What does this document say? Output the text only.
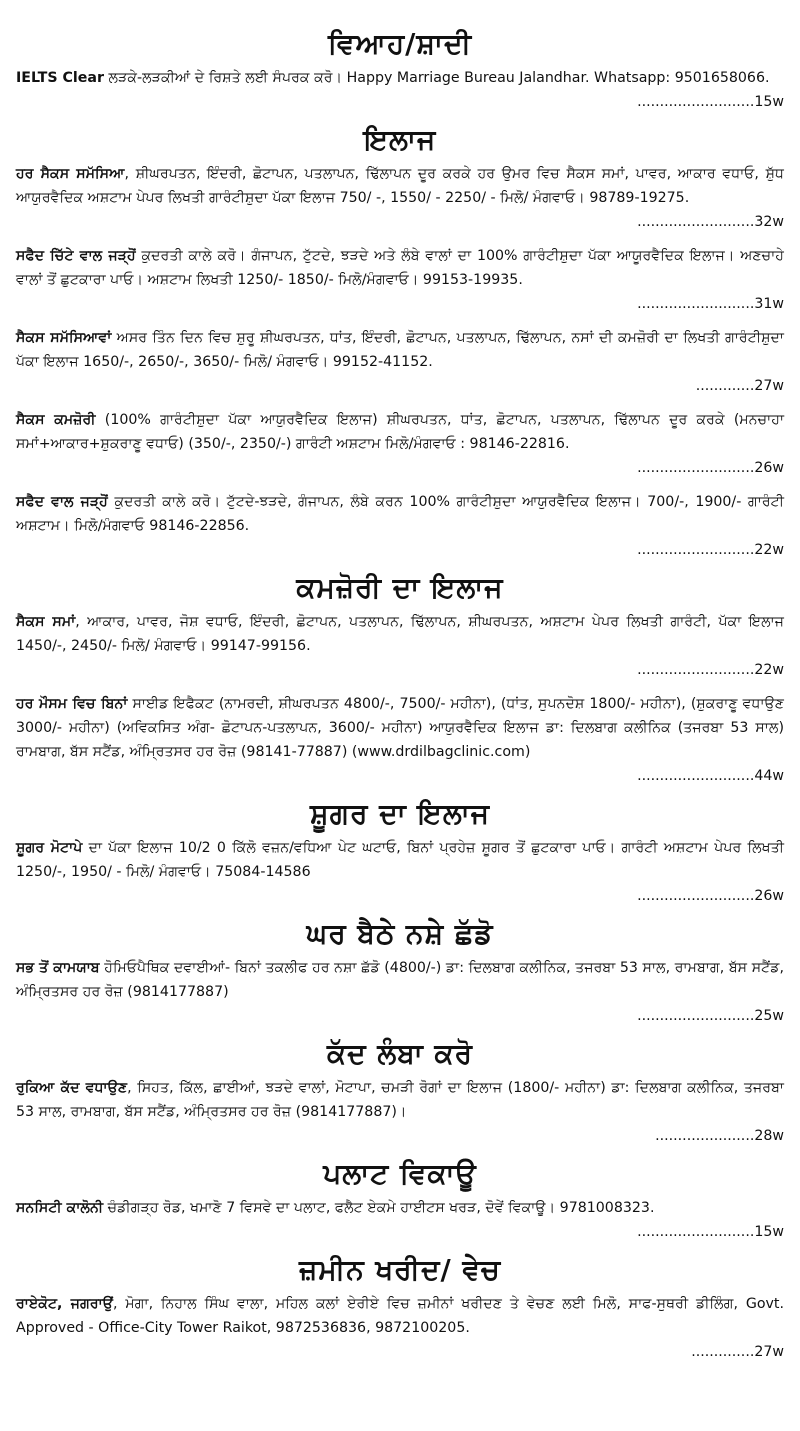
ਵਿਆਹ/ਸ਼ਾਦੀ
IELTS Clear ਲੜਕੇ-ਲੜਕੀਆਂ ਦੇ ਰਿਸ਼ਤੇ ਲਈ ਸੰਪਰਕ ਕਰੋ। Happy Marriage Bureau Jalandhar. Whatsapp: 9501658066.
..........................15w
ਇਲਾਜ
ਹਰ ਸੈਕਸ ਸਮੱਸਿਆ, ਸ਼ੀਘਰਪਤਨ, ਇੰਦਰੀ, ਛੋਟਾਪਨ, ਪਤਲਾਪਨ, ਢਿੱਲਾਪਨ ਦੂਰ ਕਰਕੇ ਹਰ ਉਮਰ ਵਿਚ ਸੈਕਸ ਸਮਾਂ, ਪਾਵਰ, ਆਕਾਰ ਵਧਾਓ, ਸ਼ੁੱਧ ਆਯੁਰਵੈਦਿਕ ਅਸ਼ਟਾਮ ਪੇਪਰ ਲਿਖਤੀ ਗਾਰੰਟੀਸ਼ੁਦਾ ਪੱਕਾ ਇਲਾਜ 750/ -, 1550/ - 2250/ - ਮਿਲੋ/ ਮੰਗਵਾਓ। 98789-19275.
..........................32w
ਸਫੈਦ ਚਿੱਟੇ ਵਾਲ ਜੜ੍ਹੋਂ ਕੁਦਰਤੀ ਕਾਲੇ ਕਰੋ। ਗੰਜਾਪਨ, ਟੁੱਟਦੇ, ਝੜਦੇ ਅਤੇ ਲੰਬੇ ਵਾਲਾਂ ਦਾ 100% ਗਾਰੰਟੀਸ਼ੁਦਾ ਪੱਕਾ ਆਯੂਰਵੈਦਿਕ ਇਲਾਜ। ਅਣਚਾਹੇ ਵਾਲਾਂ ਤੋਂ ਛੁਟਕਾਰਾ ਪਾਓ। ਅਸ਼ਟਾਮ ਲਿਖਤੀ 1250/- 1850/- ਮਿਲੋ/ਮੰਗਵਾਓ। 99153-19935.
..........................31w
ਸੈਕਸ ਸਮੱਸਿਆਵਾਂ ਅਸਰ ਤਿੰਨ ਦਿਨ ਵਿਚ ਸ਼ੁਰੂ ਸ਼ੀਘਰਪਤਨ, ਧਾਂਤ, ਇੰਦਰੀ, ਛੋਟਾਪਨ, ਪਤਲਾਪਨ, ਢਿੱਲਾਪਨ, ਨਸਾਂ ਦੀ ਕਮਜ਼ੋਰੀ ਦਾ ਲਿਖਤੀ ਗਾਰੰਟੀਸ਼ੁਦਾ ਪੱਕਾ ਇਲਾਜ 1650/-, 2650/-, 3650/- ਮਿਲੋ/ ਮੰਗਵਾਓ। 99152-41152.
.............27w
ਸੈਕਸ ਕਮਜ਼ੋਰੀ (100% ਗਾਰੰਟੀਸ਼ੁਦਾ ਪੱਕਾ ਆਯੁਰਵੈਦਿਕ ਇਲਾਜ) ਸ਼ੀਘਰਪਤਨ, ਧਾਂਤ, ਛੋਟਾਪਨ, ਪਤਲਾਪਨ, ਢਿੱਲਾਪਨ ਦੂਰ ਕਰਕੇ (ਮਨਚਾਹਾ ਸਮਾਂ+ਆਕਾਰ+ਸ਼ੁਕਰਾਣੂ ਵਧਾਓ) (350/-, 2350/-) ਗਾਰੰਟੀ ਅਸ਼ਟਾਮ ਮਿਲੋ/ਮੰਗਵਾਓ : 98146-22816.
..........................26w
ਸਫੈਦ ਵਾਲ ਜੜ੍ਹੋਂ ਕੁਦਰਤੀ ਕਾਲੇ ਕਰੋ। ਟੁੱਟਦੇ-ਝੜਦੇ, ਗੰਜਾਪਨ, ਲੰਬੇ ਕਰਨ 100% ਗਾਰੰਟੀਸ਼ੁਦਾ ਆਯੁਰਵੈਦਿਕ ਇਲਾਜ। 700/-, 1900/- ਗਾਰੰਟੀ ਅਸ਼ਟਾਮ। ਮਿਲੋ/ਮੰਗਵਾਓ 98146-22856.
..........................22w
ਕਮਜ਼ੋਰੀ ਦਾ ਇਲਾਜ
ਸੈਕਸ ਸਮਾਂ, ਆਕਾਰ, ਪਾਵਰ, ਜੋਸ਼ ਵਧਾਓ, ਇੰਦਰੀ, ਛੋਟਾਪਨ, ਪਤਲਾਪਨ, ਢਿੱਲਾਪਨ, ਸ਼ੀਘਰਪਤਨ, ਅਸ਼ਟਾਮ ਪੇਪਰ ਲਿਖਤੀ ਗਾਰੰਟੀ, ਪੱਕਾ ਇਲਾਜ 1450/-, 2450/- ਮਿਲੋ/ ਮੰਗਵਾਓ। 99147-99156.
..........................22w
ਹਰ ਮੌਸਮ ਵਿਚ ਬਿਨਾਂ ਸਾਈਡ ਇਫੈਕਟ (ਨਾਮਰਦੀ, ਸ਼ੀਘਰਪਤਨ 4800/-, 7500/- ਮਹੀਨਾ), (ਧਾਂਤ, ਸੁਪਨਦੋਸ਼ 1800/- ਮਹੀਨਾ), (ਸ਼ੁਕਰਾਣੂ ਵਧਾਉਣ 3000/- ਮਹੀਨਾ) (ਅਵਿਕਸਿਤ ਅੰਗ- ਛੋਟਾਪਨ-ਪਤਲਾਪਨ, 3600/- ਮਹੀਨਾ) ਆਯੁਰਵੈਦਿਕ ਇਲਾਜ ਡਾ: ਦਿਲਬਾਗ ਕਲੀਨਿਕ (ਤਜਰਬਾ 53 ਸਾਲ) ਰਾਮਬਾਗ, ਬੱਸ ਸਟੈਂਡ, ਅੰਮ੍ਰਿਤਸਰ ਹਰ ਰੋਜ਼ (98141-77887) (www.drdilbagclinic.com)
..........................44w
ਸ਼ੂਗਰ ਦਾ ਇਲਾਜ
ਸ਼ੂਗਰ ਮੋਟਾਪੇ ਦਾ ਪੱਕਾ ਇਲਾਜ 10/2 0 ਕਿੱਲੋ ਵਜ਼ਨ/ਵਧਿਆ ਪੇਟ ਘਟਾਓ, ਬਿਨਾਂ ਪ੍ਰਹੇਜ਼ ਸ਼ੂਗਰ ਤੋਂ ਛੁਟਕਾਰਾ ਪਾਓ। ਗਾਰੰਟੀ ਅਸ਼ਟਾਮ ਪੇਪਰ ਲਿਖਤੀ 1250/-, 1950/ - ਮਿਲੋ/ ਮੰਗਵਾਓ। 75084-14586
..........................26w
ਘਰ ਬੈਠੇ ਨਸ਼ੇ ਛੱਡੋ
ਸਭ ਤੋਂ ਕਾਮਯਾਬ ਹੋਮਿਓਪੈਥਿਕ ਦਵਾਈਆਂ- ਬਿਨਾਂ ਤਕਲੀਫ ਹਰ ਨਸ਼ਾ ਛੱਡੋ (4800/-) ਡਾ: ਦਿਲਬਾਗ ਕਲੀਨਿਕ, ਤਜਰਬਾ 53 ਸਾਲ, ਰਾਮਬਾਗ, ਬੱਸ ਸਟੈਂਡ, ਅੰਮ੍ਰਿਤਸਰ ਹਰ ਰੋਜ਼ (9814177887)
..........................25w
ਕੱਦ ਲੰਬਾ ਕਰੋ
ਰੁਕਿਆ ਕੱਦ ਵਧਾਉਣ, ਸਿਹਤ, ਕਿੱਲ, ਛਾਈਆਂ, ਝੜਦੇ ਵਾਲਾਂ, ਮੋਟਾਪਾ, ਚਮੜੀ ਰੋਗਾਂ ਦਾ ਇਲਾਜ (1800/- ਮਹੀਨਾ) ਡਾ: ਦਿਲਬਾਗ ਕਲੀਨਿਕ, ਤਜਰਬਾ 53 ਸਾਲ, ਰਾਮਬਾਗ, ਬੱਸ ਸਟੈਂਡ, ਅੰਮ੍ਰਿਤਸਰ ਹਰ ਰੋਜ਼ (9814177887)।
......................28w
ਪਲਾਟ ਵਿਕਾਊ
ਸਨਸਿਟੀ ਕਾਲੋਨੀ ਚੰਡੀਗੜ੍ਹ ਰੋਡ, ਖਮਾਣੋ 7 ਵਿਸਵੇ ਦਾ ਪਲਾਟ, ਫਲੈਟ ਏਕਮੇ ਹਾਈਟਸ ਖਰੜ, ਦੋਵੇਂ ਵਿਕਾਊ। 9781008323.
..........................15w
ਜ਼ਮੀਨ ਖਰੀਦ/ ਵੇਚ
ਰਾਏਕੋਟ, ਜਗਰਾਉਂ, ਮੋਗਾ, ਨਿਹਾਲ ਸਿੰਘ ਵਾਲਾ, ਮਹਿਲ ਕਲਾਂ ਏਰੀਏ ਵਿਚ ਜ਼ਮੀਨਾਂ ਖਰੀਦਣ ਤੇ ਵੇਚਣ ਲਈ ਮਿਲੋ, ਸਾਫ-ਸੁਥਰੀ ਡੀਲਿੰਗ, Govt. Approved - Office-City Tower Raikot, 9872536836, 9872100205.
..............27w
